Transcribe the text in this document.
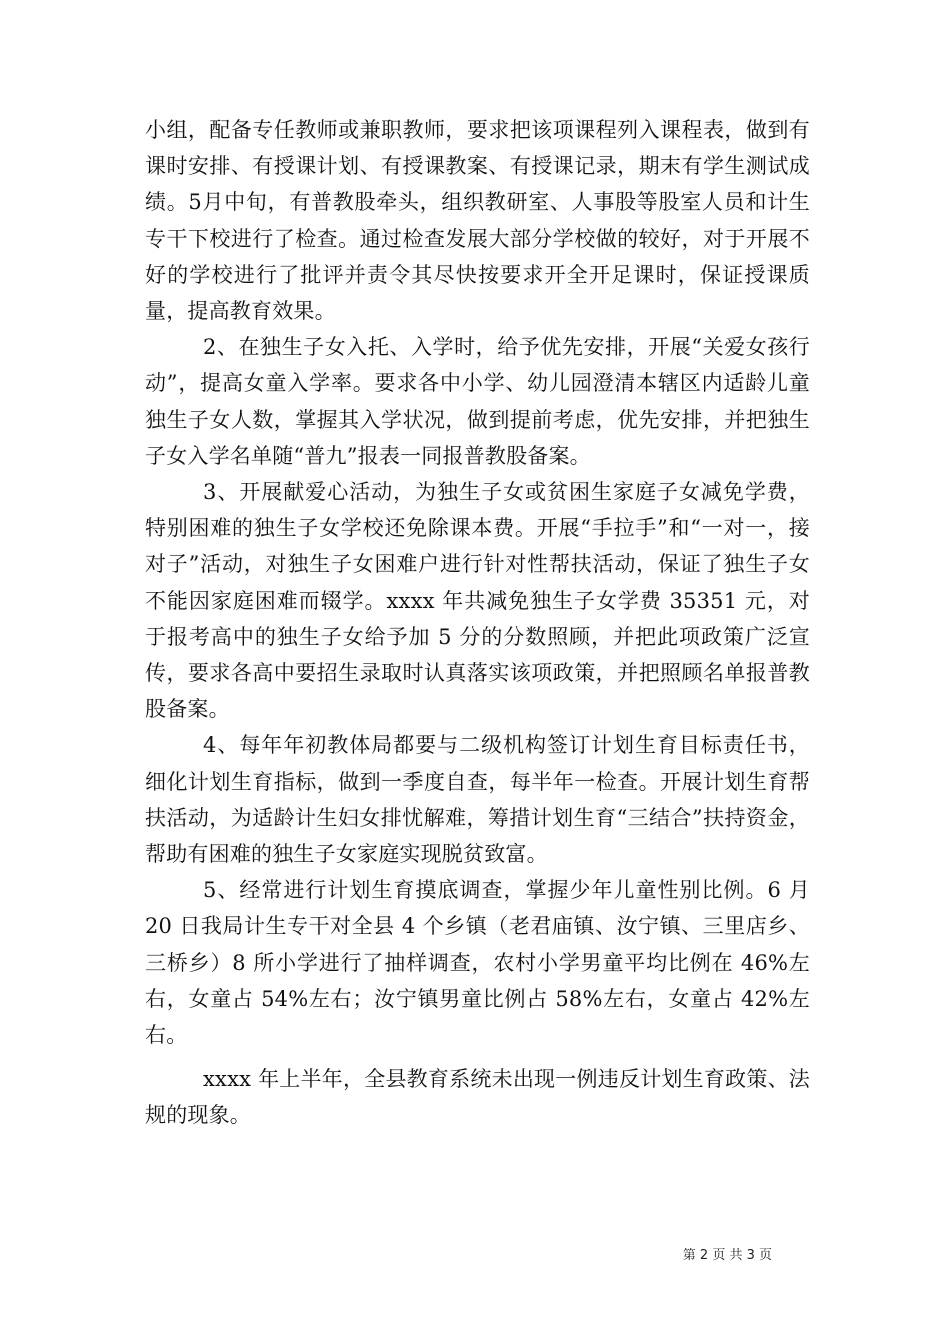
小组，配备专任教师或兼职教师，要求把该项课程列入课程表，做到有课时安排、有授课计划、有授课教案、有授课记录，期末有学生测试成绩。5月中旬，有普教股牵头，组织教研室、人事股等股室人员和计生专干下校进行了检查。通过检查发展大部分学校做的较好，对于开展不好的学校进行了批评并责令其尽快按要求开全开足课时，保证授课质量，提高教育效果。

2、在独生子女入托、入学时，给予优先安排，开展“关爱女孩行动”，提高女童入学率。要求各中小学、幼儿园澄清本辖区内适龄儿童独生子女人数，掌握其入学状况，做到提前考虑，优先安排，并把独生子女入学名单随“普九”报表一同报普教股备案。

3、开展献爱心活动，为独生子女或贫困生家庭子女减免学费，特别困难的独生子女学校还免除课本费。开展“手拉手”和“一对一，接对子”活动，对独生子女困难户进行针对性帮扶活动，保证了独生子女不能因家庭困难而辍学。xxxx 年共减免独生子女学费 35351 元，对于报考高中的独生子女给予加 5 分的分数照顾，并把此项政策广泛宣传，要求各高中要招生录取时认真落实该项政策，并把照顾名单报普教股备案。

4、每年年初教体局都要与二级机构签订计划生育目标责任书，细化计划生育指标，做到一季度自查，每半年一检查。开展计划生育帮扶活动，为适龄计生妇女排忧解难，筹措计划生育“三结合”扶持资金，帮助有困难的独生子女家庭实现脱贫致富。

5、经常进行计划生育摸底调查，掌握少年儿童性别比例。6 月 20 日我局计生专干对全县 4 个乡镇（老君庙镇、汝宁镇、三里店乡、三桥乡）8 所小学进行了抽样调查，农村小学男童平均比例在 46%左右，女童占 54%左右；汝宁镇男童比例占 58%左右，女童占 42%左右。

xxxx 年上半年，全县教育系统未出现一例违反计划生育政策、法规的现象。

第 2 页 共 3 页
